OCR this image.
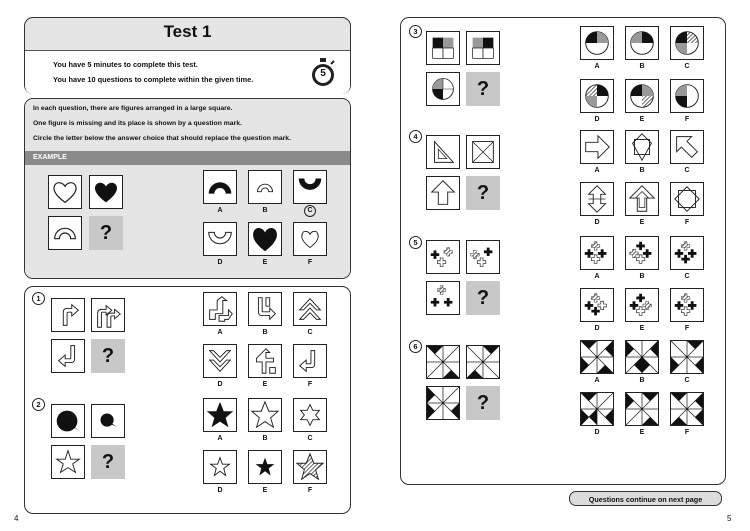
Test 1
You have 5 minutes to complete this test.
You have 10 questions to complete within the given time.
5
In each question, there are figures arranged in a large square.
One figure is missing and its place is shown by a question mark.
Circle the letter below the answer choice that should replace the question mark.
EXAMPLE
?
A	B	C
D	E	F
1
?
A	B	C
D	E	F
2
?
A	B	C
D	E	F
4
3
?
A	B	C
D	E	F
4
?
A	B	C
D	E	F
5
?
A	B	C
D	E	F
6
?
A	B	C
D	E	F
Questions continue on next page
5
